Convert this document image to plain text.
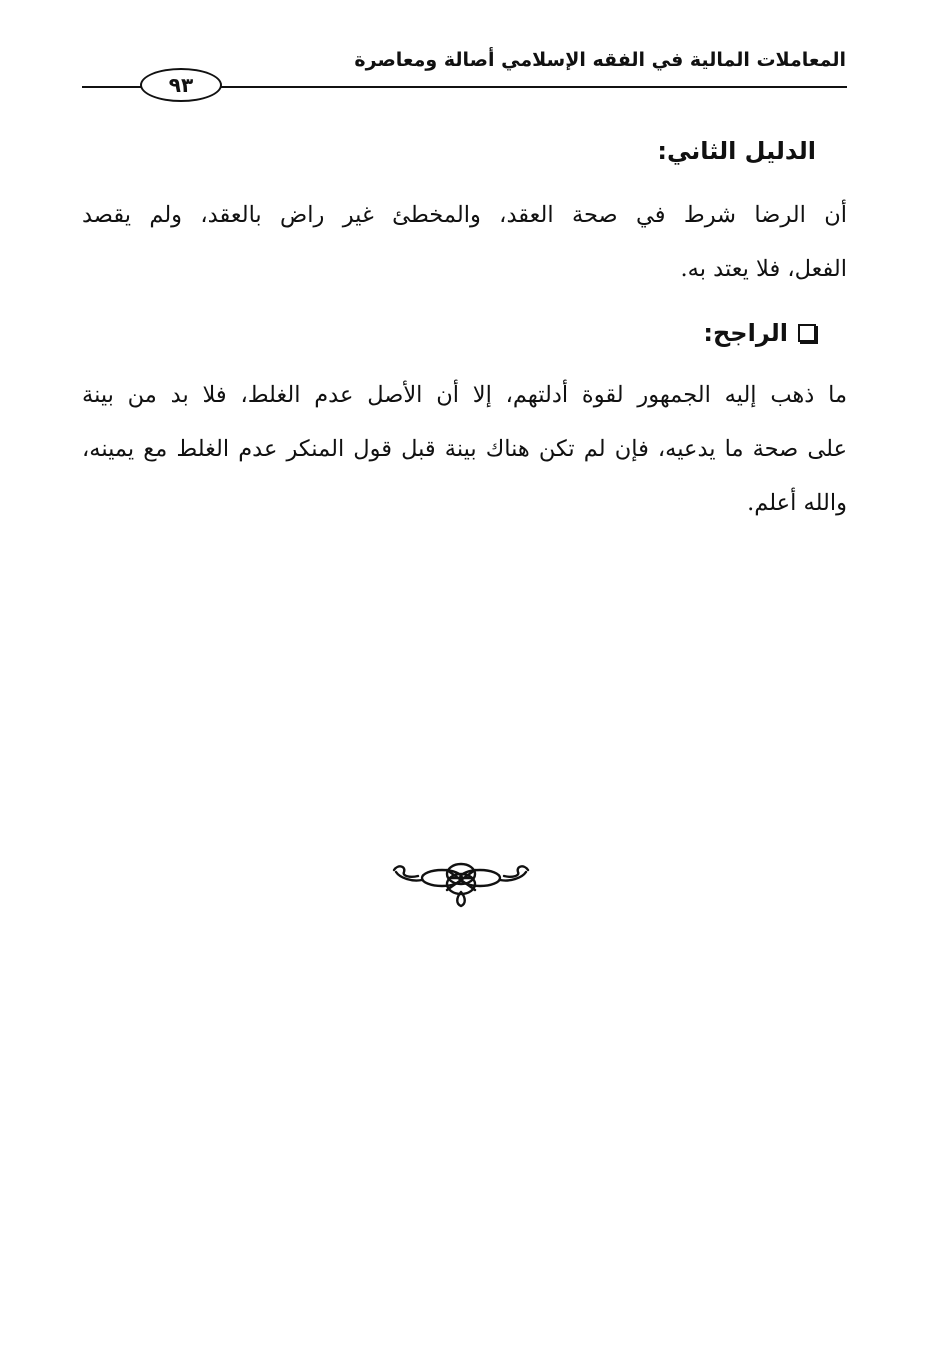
المعاملات المالية في الفقه الإسلامي أصالة ومعاصرة
٩٣
الدليل الثاني:
أن الرضا شرط في صحة العقد، والمخطئ غير راض بالعقد، ولم يقصد
الفعل، فلا يعتد به.
الراجح:
ما ذهب إليه الجمهور لقوة أدلتهم، إلا أن الأصل عدم الغلط، فلا بد من بينة
على صحة ما يدعيه، فإن لم تكن هناك بينة قبل قول المنكر عدم الغلط مع يمينه،
والله أعلم.
